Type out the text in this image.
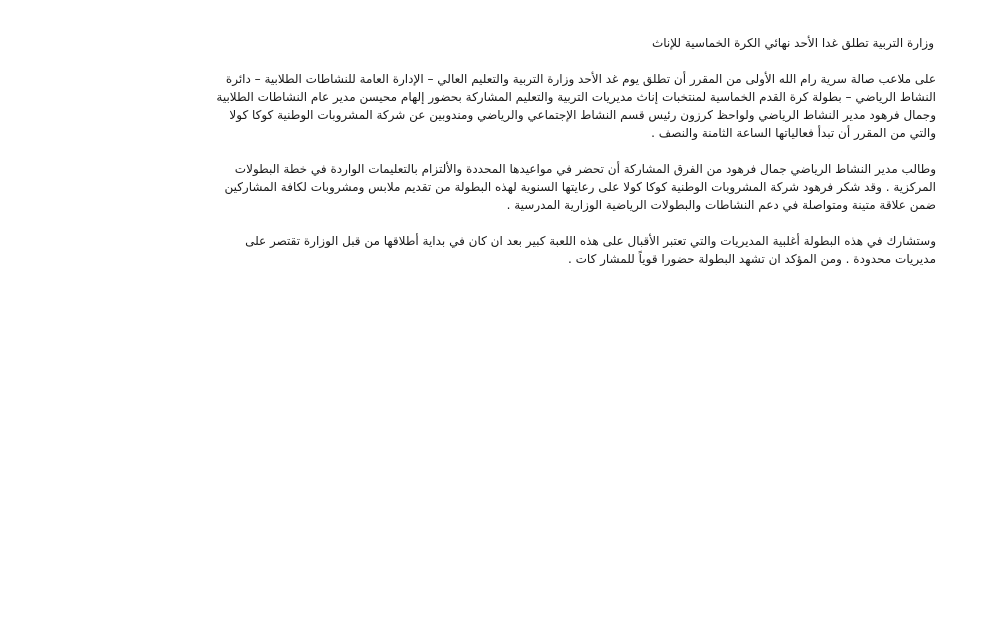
وزارة التربية تطلق غدا الأحد نهائي الكرة الخماسية للإناث

على ملاعب صالة سرية رام الله الأولى من المقرر أن تطلق يوم غد الأحد وزارة التربية والتعليم العالي – الإدارة العامة للنشاطات الطلابية – دائرة النشاط الرياضي – بطولة كرة القدم الخماسية لمنتخبات إناث مديريات التربية والتعليم المشاركة بحضور إلهام محيسن مدير عام النشاطات الطلابية وجمال فرهود مدير النشاط الرياضي ولواحظ كرزون رئيس قسم النشاط الإجتماعي والرياضي ومندوبين عن شركة المشروبات الوطنية كوكا كولا والتي من المقرر أن تبدأ فعالياتها الساعة الثامنة والنصف .

وطالب مدير النشاط الرياضي جمال فرهود من الفرق المشاركة أن تحضر في مواعيدها المحددة والألتزام بالتعليمات الواردة في خطة البطولات المركزية . وقد شكر فرهود شركة المشروبات الوطنية كوكا كولا على رعايتها السنوية لهذه البطولة من تقديم ملابس ومشروبات لكافة المشاركين ضمن علاقة متينة ومتواصلة في دعم النشاطات والبطولات الرياضية الوزارية المدرسية .

وستشارك في هذه البطولة أغلبية المديريات والتي تعتبر الأقبال على هذه اللعبة كبير بعد ان كان في بداية أطلاقها من قبل الوزارة تقتصر على مديريات محدودة . ومن المؤكد ان تشهد البطولة حضورا قوياً للمشار كات .
